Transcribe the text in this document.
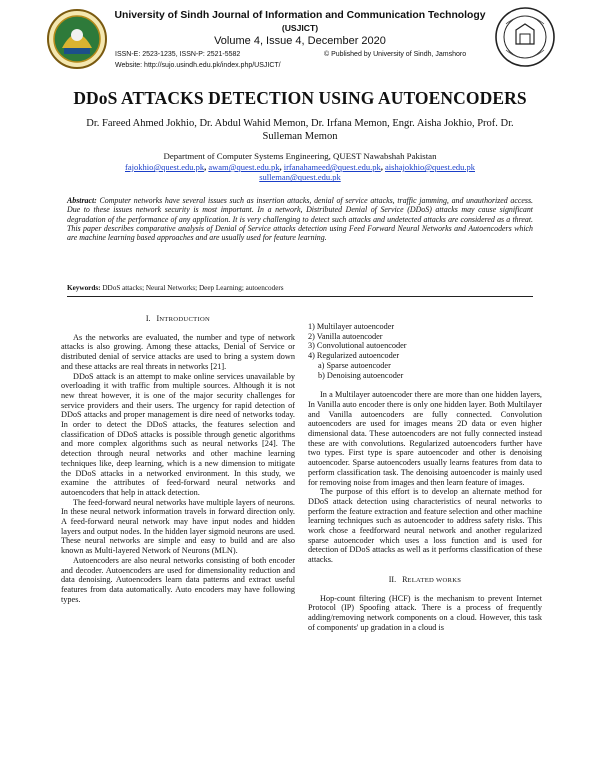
University of Sindh Journal of Information and Communication Technology
(USJICT)
Volume 4, Issue 4, December 2020
ISSN-E: 2523-1235, ISSN-P: 2521-5582	© Published by University of Sindh, Jamshoro
Website: http://sujo.usindh.edu.pk/index.php/USJICT/
DDoS ATTACKS DETECTION USING AUTOENCODERS
Dr. Fareed Ahmed Jokhio, Dr. Abdul Wahid Memon, Dr. Irfana Memon, Engr. Aisha Jokhio, Prof. Dr. Sulleman Memon
Department of Computer Systems Engineering, QUEST Nawabshah Pakistan
fajokhio@quest.edu.pk, awam@quest.edu.pk, irfanahameed@quest.edu.pk, aishajokhio@quest.edu.pk
sulleman@quest.edu.pk
Abstract: Computer networks have several issues such as insertion attacks, denial of service attacks, traffic jamming, and unauthorized access. Due to these issues network security is most important. In a network, Distributed Denial of Service (DDoS) attacks may cause significant degradation of the performance of any application. It is very challenging to detect such attacks and undetected attacks are considered as a threat. This paper describes comparative analysis of Denial of Service attacks detection using Feed Forward Neural Networks and Autoencoders which are machine learning based approaches and are usually used for feature learning.
Keywords: DDoS attacks; Neural Networks; Deep Learning; autoencoders
I. INTRODUCTION

As the networks are evaluated, the number and type of network attacks is also growing. Among these attacks, Denial of Service or distributed denial of service attacks are used to bring a system down and these attacks are real threats in networks [21].

DDoS attack is an attempt to make online services unavailable by overloading it with traffic from multiple sources. Although it is not new threat however, it is one of the major security challenges for service providers and their users. The urgency for rapid detection of DDoS attacks and proper management is dire need of networks today. In order to detect the DDoS attacks, the features selection and classification of DDoS attacks is possible through genetic algorithms and more complex algorithms such as neural networks [24]. The detection through neural networks and other machine learning techniques like, deep learning, which is a new dimension to mitigate the DDoS attacks in a networked environment. In this study, we examine the attributes of feed-forward neural networks and autoencoders that help in attack detection.

The feed-forward neural networks have multiple layers of neurons. In these neural network information travels in forward direction only. A feed-forward neural network may have input nodes and hidden layers and output nodes. In the hidden layer sigmoid neurons are used. These neural networks are simple and easy to build and are also known as Multi-layered Network of Neurons (MLN).

Autoencoders are also neural networks consisting of both encoder and decoder. Autoencoders are used for dimensionality reduction and data denoising. Autoencoders learn data patterns and extract useful features from data automatically. Auto encoders may have following types.

1) Multilayer autoencoder
2) Vanilla autoencoder
3) Convolutional autoencoder
4) Regularized autoencoder
a) Sparse autoencoder
b) Denoising autoencoder

In a Multilayer autoencoder there are more than one hidden layers, In Vanilla auto encoder there is only one hidden layer. Both Multilayer and Vanilla autoencoders are fully connected. Convolution autoencoders are used for images means 2D data or even higher dimensional data. These autoencoders are not fully connected instead these are with convolutions. Regularized autoencoders further have two types. First type is spare autoencoder and other is denoising autoencoder. Sparse autoencoders usually learns features from data to perform classification task. The denoising autoencoder is mainly used for removing noise from images and then learn feature of images.

The purpose of this effort is to develop an alternate method for DDoS attack detection using characteristics of neural networks to perform the feature extraction and feature selection and other machine learning techniques such as autoencoder to address safety risks. This work chose a feedforward neural network and another regularized sparse autoencoder which uses a loss function and is used for detection of DDoS attacks as well as it performs classification of these attacks.

II. RELATED WORKS

Hop-count filtering (HCF) is the mechanism to prevent Internet Protocol (IP) Spoofing attack. There is a process of frequently adding/removing network components on a cloud. However, this task of components' up gradation in a cloud is
